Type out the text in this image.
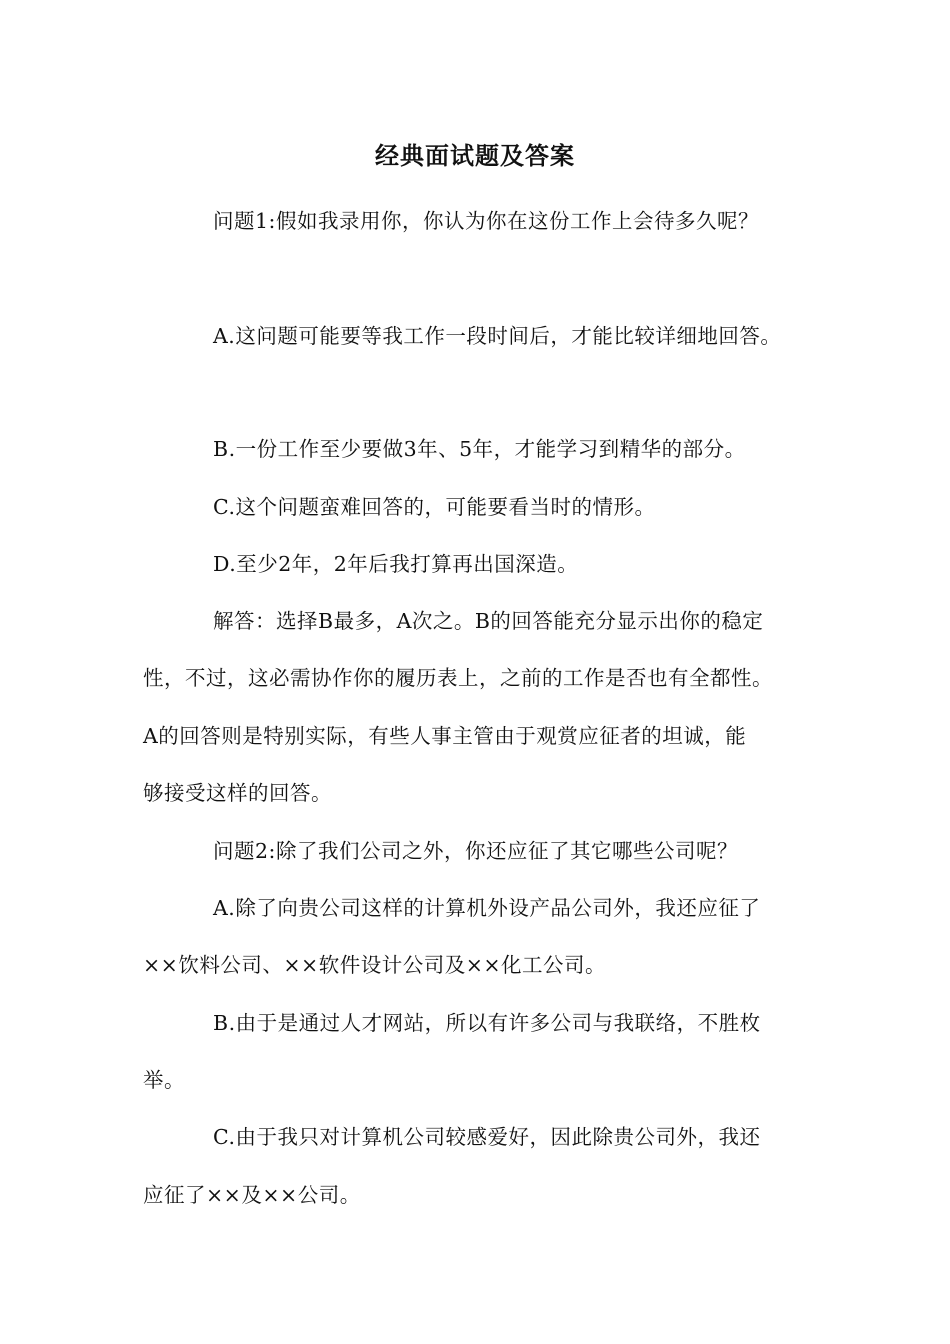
经典面试题及答案
问题1:假如我录用你，你认为你在这份工作上会待多久呢？
A.这问题可能要等我工作一段时间后，才能比较详细地回答。
B.一份工作至少要做3年、5年，才能学习到精华的部分。
C.这个问题蛮难回答的，可能要看当时的情形。
D.至少2年，2年后我打算再出国深造。
解答：选择B最多，A次之。B的回答能充分显示出你的稳定
性，不过，这必需协作你的履历表上，之前的工作是否也有全都性。
A的回答则是特别实际，有些人事主管由于观赏应征者的坦诚，能
够接受这样的回答。
问题2:除了我们公司之外，你还应征了其它哪些公司呢？
A.除了向贵公司这样的计算机外设产品公司外，我还应征了
××饮料公司、××软件设计公司及××化工公司。
B.由于是通过人才网站，所以有许多公司与我联络，不胜枚
举。
C.由于我只对计算机公司较感爱好，因此除贵公司外，我还
应征了××及××公司。
